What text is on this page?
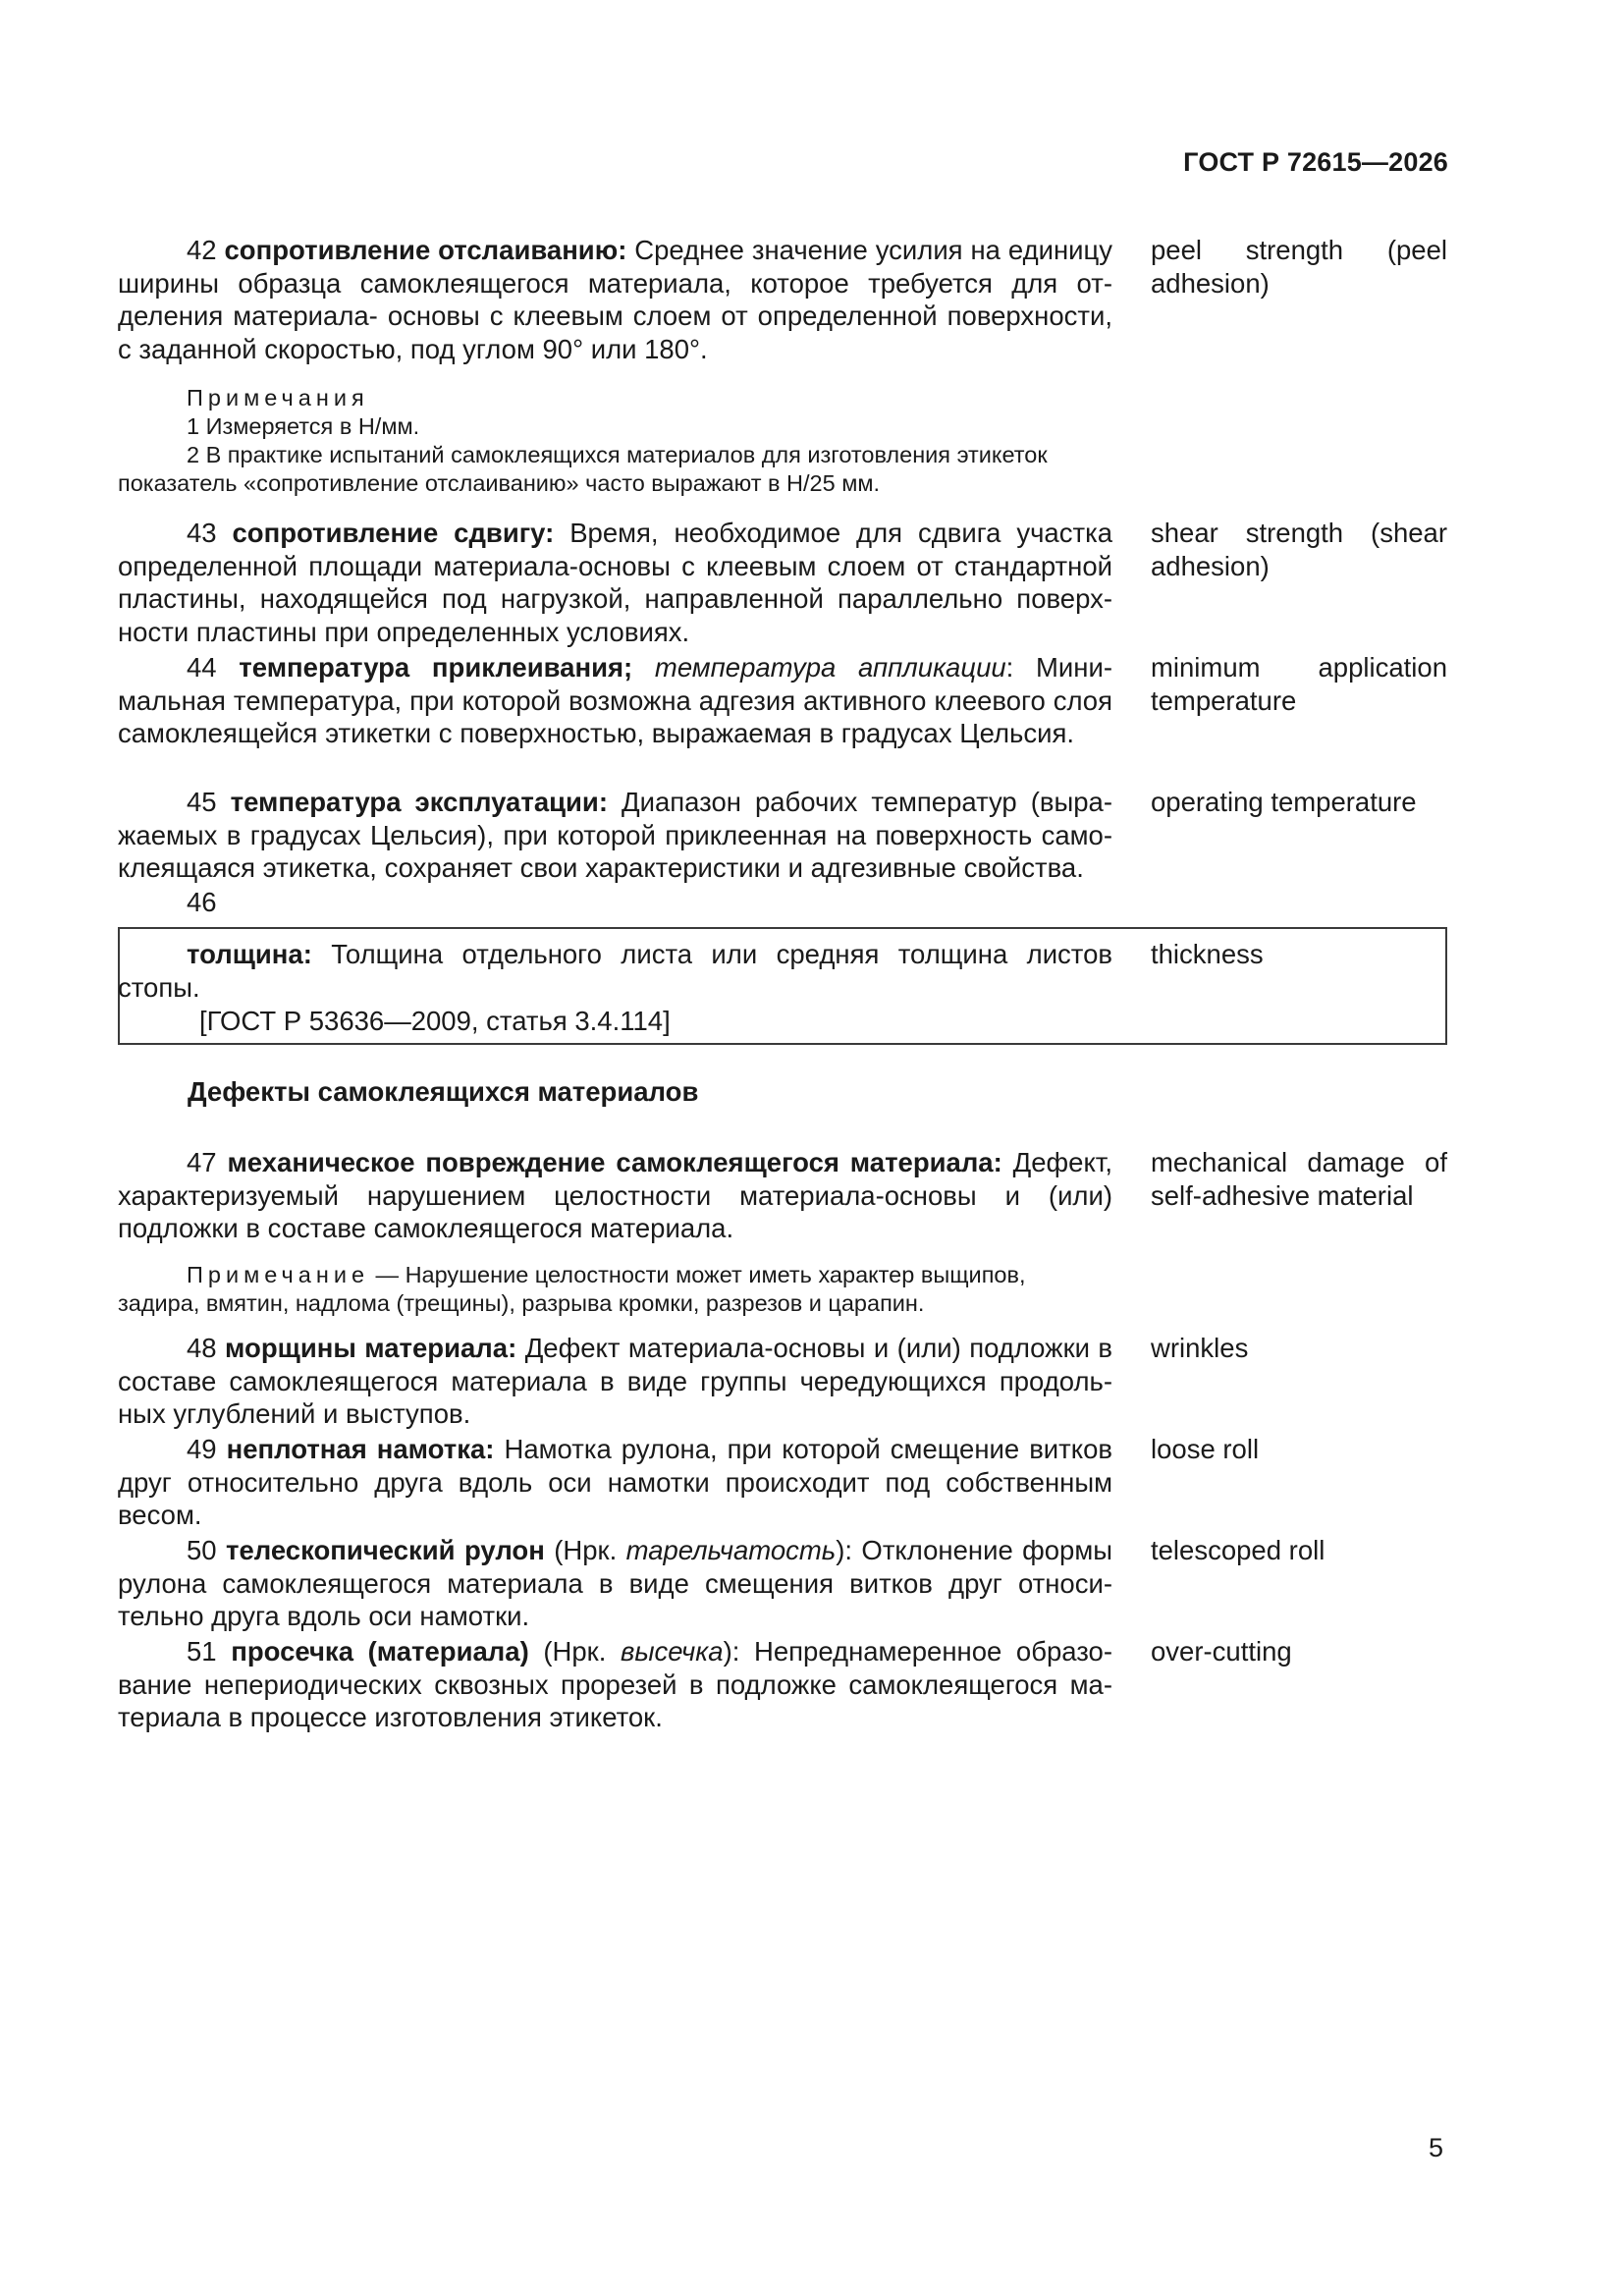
ГОСТ Р 72615—2026
42 сопротивление отслаиванию: Среднее значение усилия на единицу ширины образца самоклеящегося материала, которое требуется для отделения материала- основы с клеевым слоем от определенной поверхности, с заданной скоростью, под углом 90° или 180°.
peel strength (peel
adhesion)
Примечания
1 Измеряется в Н/мм.
2 В практике испытаний самоклеящихся материалов для изготовления этикеток
показатель «сопротивление отслаиванию» часто выражают в Н/25 мм.
43 сопротивление сдвигу: Время, необходимое для сдвига участка определенной площади материала-основы с клеевым слоем от стандартной пластины, находящейся под нагрузкой, направленной параллельно поверхности пластины при определенных условиях.
shear strength (shear
adhesion)
44 температура приклеивания; температура аппликации: Минимальная температура, при которой возможна адгезия активного клеевого слоя самоклеящейся этикетки с поверхностью, выражаемая в градусах Цельсия.
minimum application
temperature
45 температура эксплуатации: Диапазон рабочих температур (выражаемых в градусах Цельсия), при которой приклеенная на поверхность самоклеящаяся этикетка, сохраняет свои характеристики и адгезивные свойства.
operating temperature
46
толщина: Толщина отдельного листа или средняя толщина листов стопы.
[ГОСТ Р 53636—2009, статья 3.4.114]
thickness
Дефекты самоклеящихся материалов
47 механическое повреждение самоклеящегося материала: Дефект, характеризуемый нарушением целостности материала-основы и (или) подложки в составе самоклеящегося материала.
mechanical damage of
self-adhesive material
Примечание — Нарушение целостности может иметь характер выщипов,
задира, вмятин, надлома (трещины), разрыва кромки, разрезов и царапин.
48 морщины материала: Дефект материала-основы и (или) подложки в составе самоклеящегося материала в виде группы чередующихся продольных углублений и выступов.
wrinkles
49 неплотная намотка: Намотка рулона, при которой смещение витков друг относительно друга вдоль оси намотки происходит под собственным весом.
loose roll
50 телескопический рулон (Нрк. тарельчатость): Отклонение формы рулона самоклеящегося материала в виде смещения витков друг относительно друга вдоль оси намотки.
telescoped roll
51 просечка (материала) (Нрк. высечка): Непреднамеренное образование непериодических сквозных прорезей в подложке самоклеящегося материала в процессе изготовления этикеток.
over-cutting
5
